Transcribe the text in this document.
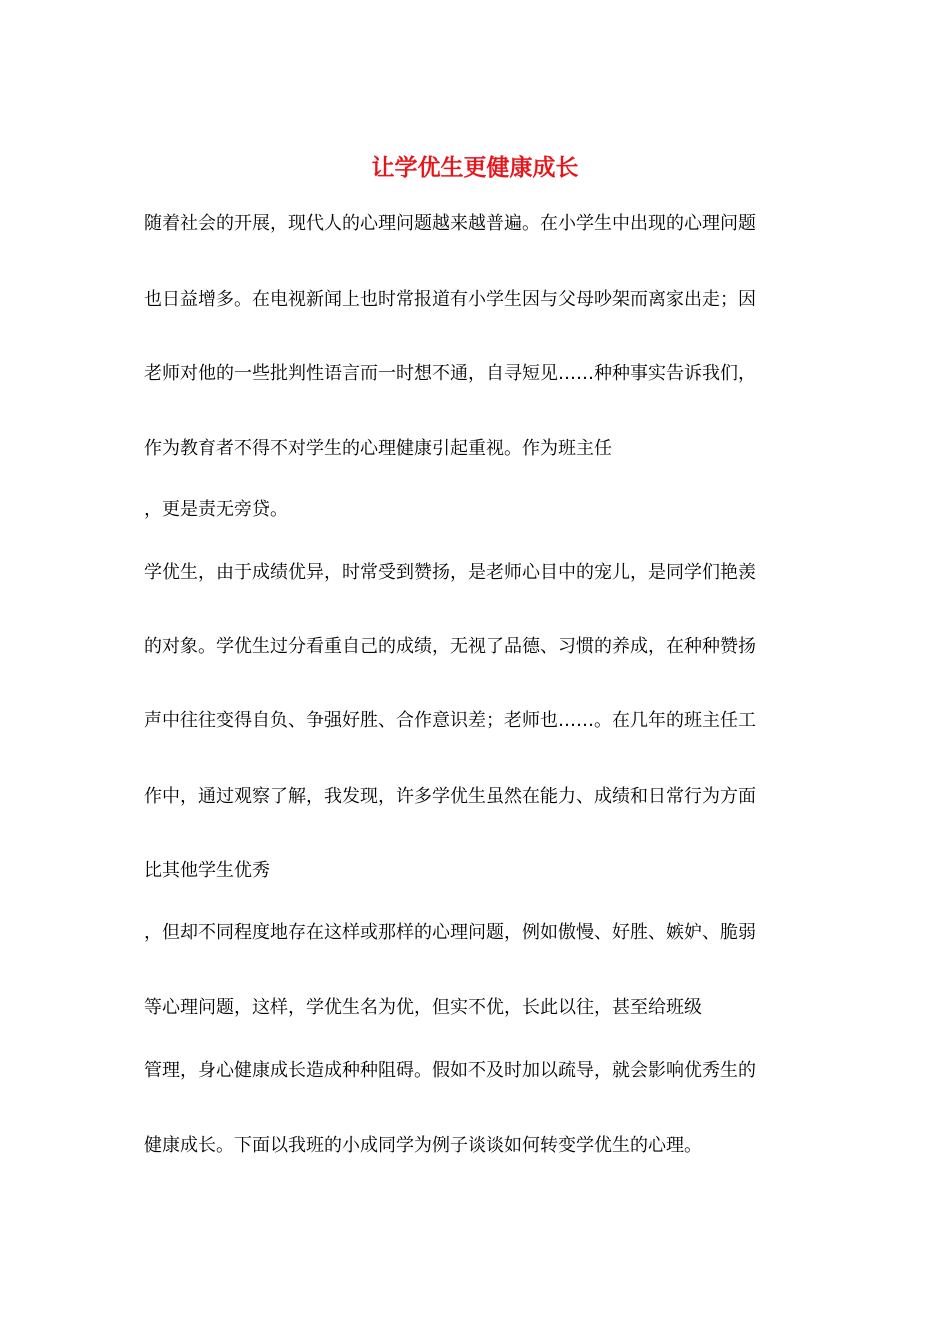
让学优生更健康成长

随着社会的开展，现代人的心理问题越来越普遍。在小学生中出现的心理问题

也日益增多。在电视新闻上也时常报道有小学生因与父母吵架而离家出走；因

老师对他的一些批判性语言而一时想不通，自寻短见……种种事实告诉我们，

作为教育者不得不对学生的心理健康引起重视。作为班主任

，更是责无旁贷。

学优生，由于成绩优异，时常受到赞扬，是老师心目中的宠儿，是同学们艳羡

的对象。学优生过分看重自己的成绩，无视了品德、习惯的养成，在种种赞扬

声中往往变得自负、争强好胜、合作意识差；老师也……。在几年的班主任工

作中，通过观察了解，我发现，许多学优生虽然在能力、成绩和日常行为方面

比其他学生优秀

，但却不同程度地存在这样或那样的心理问题，例如傲慢、好胜、嫉妒、脆弱

等心理问题，这样，学优生名为优，但实不优，长此以往，甚至给班级

管理，身心健康成长造成种种阻碍。假如不及时加以疏导，就会影响优秀生的

健康成长。下面以我班的小成同学为例子谈谈如何转变学优生的心理。
